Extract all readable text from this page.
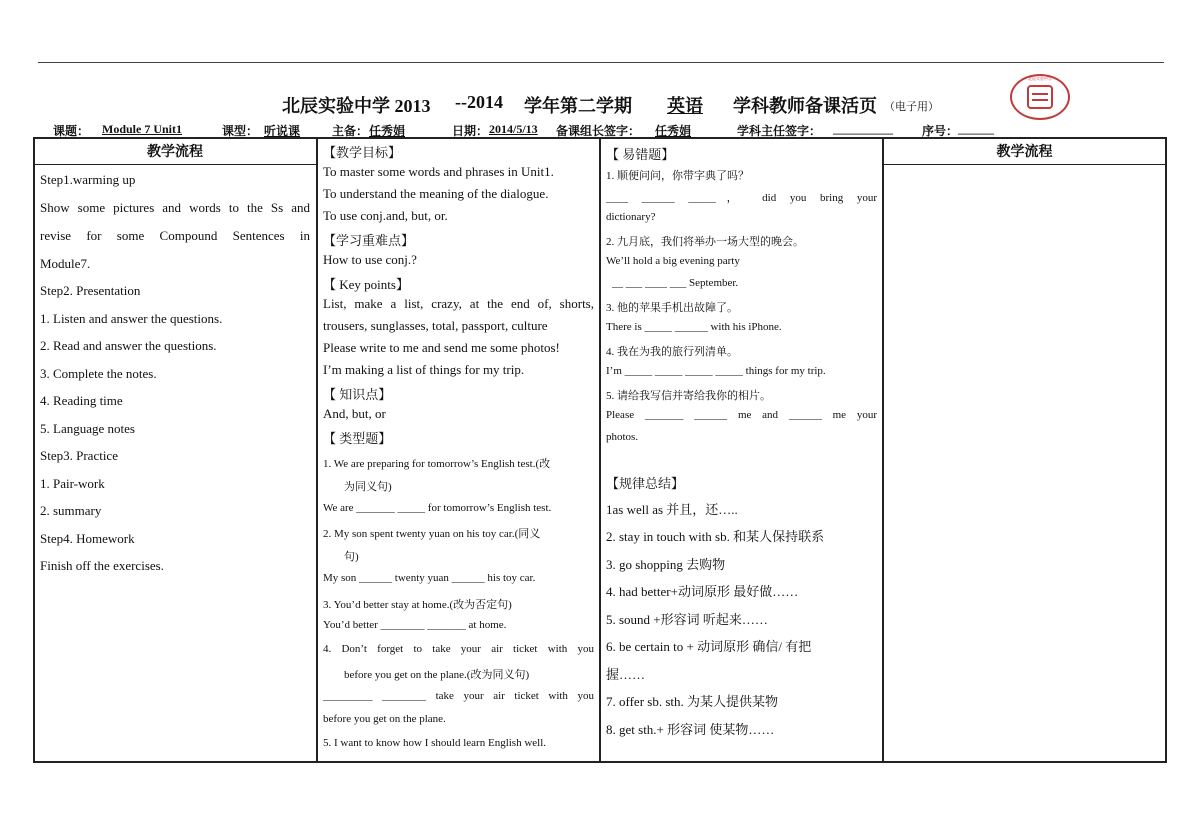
北辰实验中学 2013

--2014

学年第二学期

英语

学科教师备课活页

（电子用）

北辰实验中学
课题： Module 7 Unit1	课型： 听说课	主备： 任秀娟	日期： 2014/5/13 备课组长签字： 任秀娟	学科主任签字： __________ 序号： ______
教学流程	教学流程
Step1.warming up
Show some pictures and words to the Ss and
revise for some Compound Sentences in
Module7.
Step2. Presentation
1. Listen and answer the questions.
2. Read and answer the questions.
3. Complete the notes.
4. Reading time
5. Language notes
Step3. Practice
1. Pair-work
2. summary
Step4. Homework
Finish off the exercises.
【教学目标】
To master some words and phrases in Unit1.
To understand the meaning of the dialogue.
To use conj.and, but, or.
【学习重难点】
How to use conj.?
【 Key points】
List, make a list, crazy, at the end of, shorts,
trousers, sunglasses, total, passport, culture
Please write to me and send me some photos!
I’m making a list of things for my trip.
【 知识点】
And, but, or
【 类型题】
1. We are preparing for tomorrow’s English test.(改
为同义句)
We are _______ _____ for tomorrow’s English test.
2. My son spent twenty yuan on his toy car.(同义
句)
My son ______ twenty yuan ______ his toy car.
3. You’d better stay at home.(改为否定句)
You’d better ________ _______ at home.
4. Don’t forget to take your air ticket with you
before you get on the plane.(改为同义句)
_________ ________ take your air ticket with you
before you get on the plane.
5. I want to know how I should learn English well.
【 易错题】
1. 顺便问问，你带字典了吗？
____ ______ _____， did you bring your
dictionary?
2. 九月底，我们将举办一场大型的晚会。
We’ll hold a big evening party
__ ___ ____ ___ September.
3. 他的苹果手机出故障了。
There is _____ ______ with his iPhone.
4. 我在为我的旅行列清单。
I’m _____ _____ _____ _____ things for my trip.
5. 请给我写信并寄给我你的相片。
Please _______ ______ me and ______ me your
photos.
【规律总结】
1as well as 并且，还…..
2. stay in touch with sb. 和某人保持联系
3. go shopping 去购物
4. had better+动词原形 最好做……
5. sound +形容词 听起来……
6. be certain to + 动词原形 确信/ 有把
握……
7. offer sb. sth. 为某人提供某物
8. get sth.+ 形容词 使某物……
